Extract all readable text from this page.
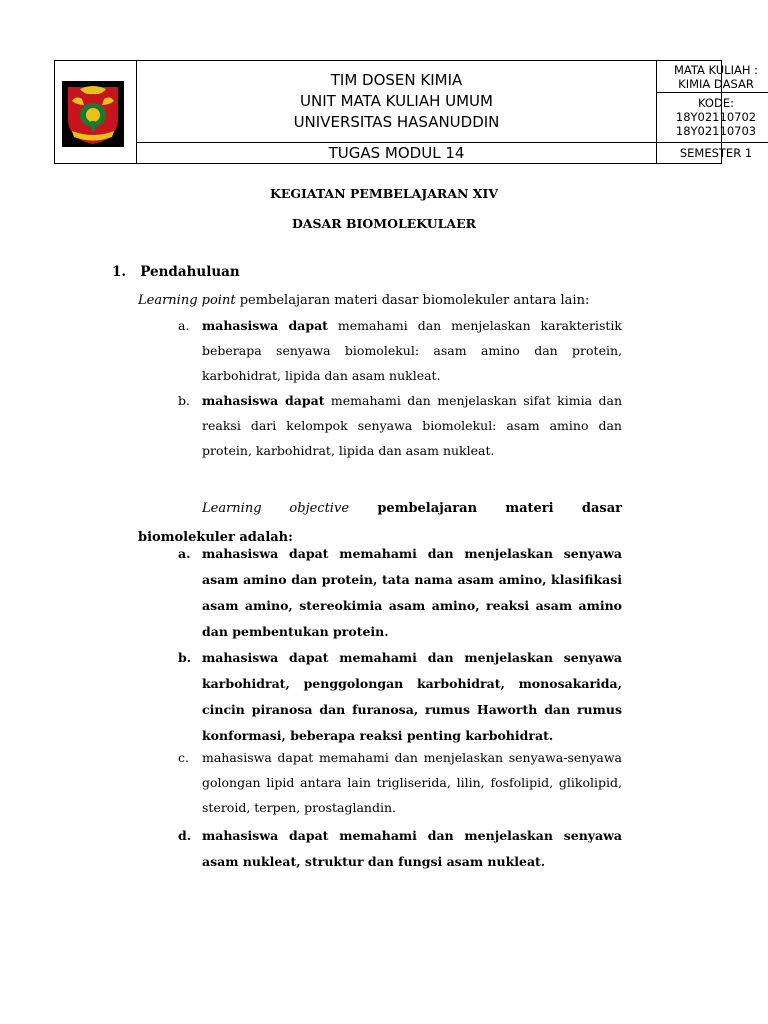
TIM DOSEN KIMIA
UNIT MATA KULIAH UMUM
UNIVERSITAS HASANUDDIN
TUGAS MODUL 14
MATA KULIAH :
KIMIA DASAR
KODE:
18Y02110702
18Y02110703
SEMESTER 1
KEGIATAN PEMBELAJARAN XIV
DASAR BIOMOLEKULAER
1. Pendahuluan
Learning point pembelajaran materi dasar biomolekuler antara lain:
a. mahasiswa dapat memahami dan menjelaskan karakteristik beberapa senyawa biomolekul: asam amino dan protein, karbohidrat, lipida dan asam nukleat.
b. mahasiswa dapat memahami dan menjelaskan sifat kimia dan reaksi dari kelompok senyawa biomolekul: asam amino dan protein, karbohidrat, lipida dan asam nukleat.
Learning objective pembelajaran materi dasar biomolekuler adalah:
a. mahasiswa dapat memahami dan menjelaskan senyawa asam amino dan protein, tata nama asam amino, klasifikasi asam amino, stereokimia asam amino, reaksi asam amino dan pembentukan protein.
b. mahasiswa dapat memahami dan menjelaskan senyawa karbohidrat, penggolongan karbohidrat, monosakarida, cincin piranosa dan furanosa, rumus Haworth dan rumus konformasi, beberapa reaksi penting karbohidrat.
c. mahasiswa dapat memahami dan menjelaskan senyawa-senyawa golongan lipid antara lain trigliserida, lilin, fosfolipid, glikolipid, steroid, terpen, prostaglandin.
d. mahasiswa dapat memahami dan menjelaskan senyawa asam nukleat, struktur dan fungsi asam nukleat.
